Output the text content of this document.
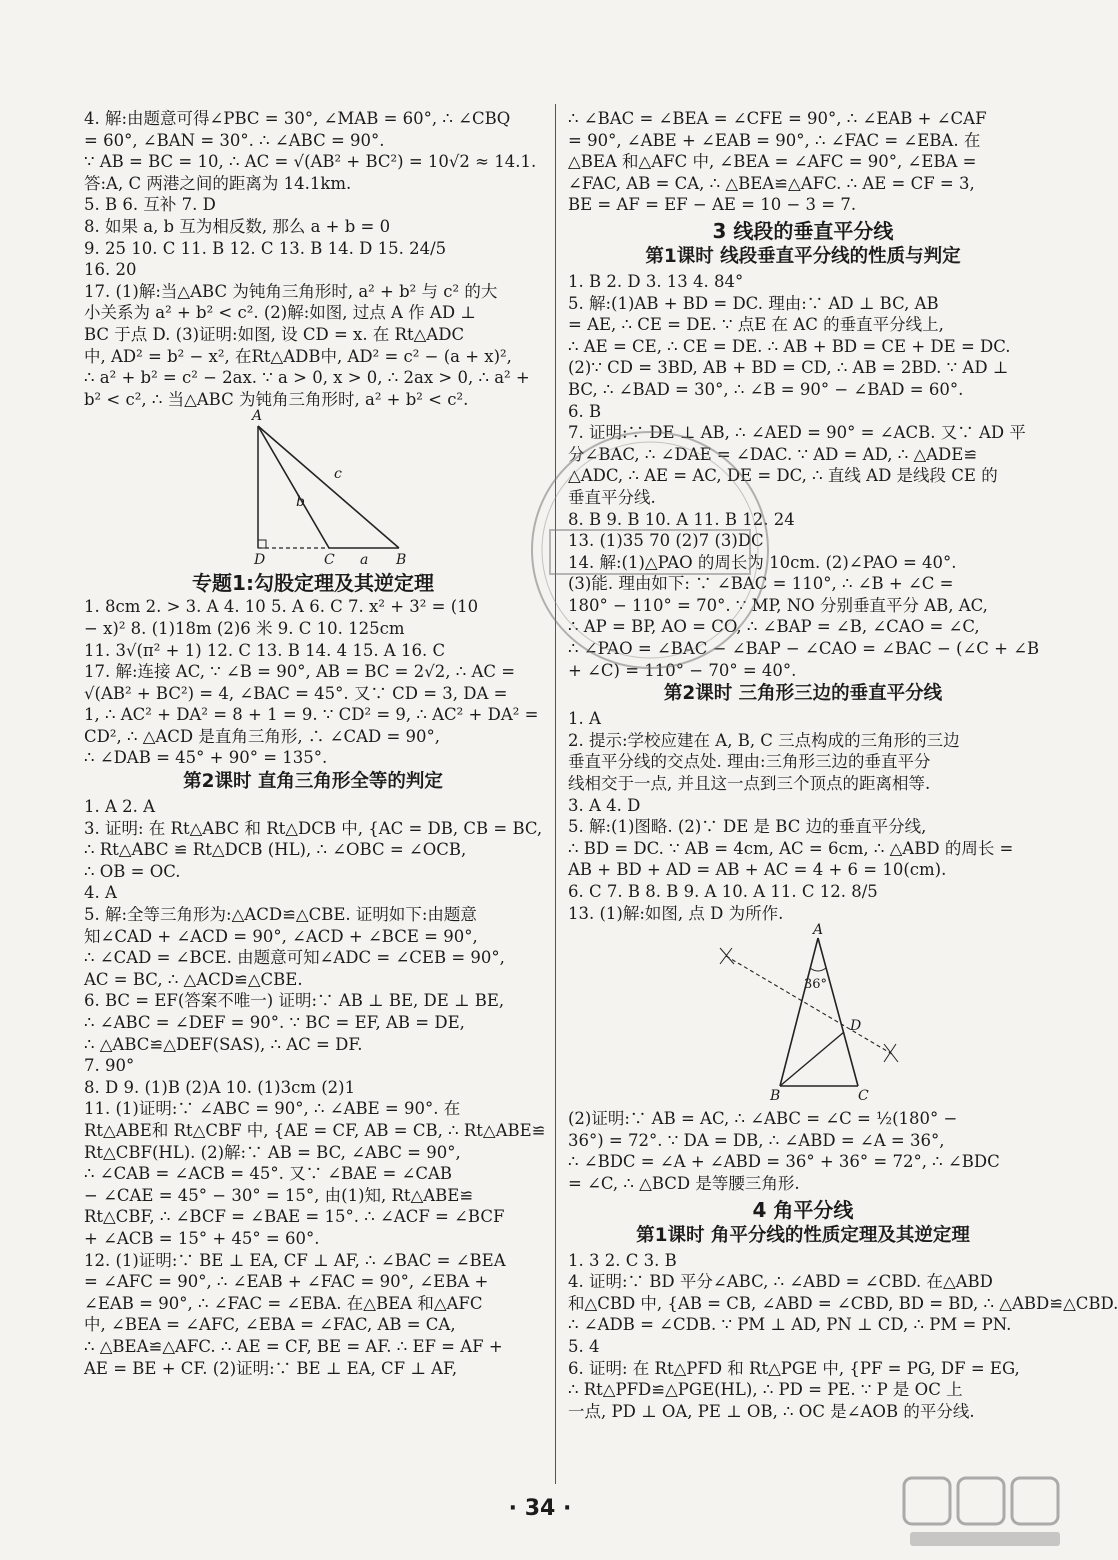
4. 解:由题意可得∠PBC = 30°, ∠MAB = 60°, ∴ ∠CBQ
= 60°, ∠BAN = 30°. ∴ ∠ABC = 90°.
∵ AB = BC = 10, ∴ AC = √(AB² + BC²) = 10√2 ≈ 14.1.
答:A, C 两港之间的距离为 14.1km.
5. B 6. 互补 7. D
8. 如果 a, b 互为相反数, 那么 a + b = 0
9. 25 10. C 11. B 12. C 13. B 14. D 15. 24/5
16. 20
17. (1)解:当△ABC 为钝角三角形时, a² + b² 与 c² 的大
小关系为 a² + b² < c². (2)解:如图, 过点 A 作 AD ⊥
BC 于点 D. (3)证明:如图, 设 CD = x. 在 Rt△ADC
中, AD² = b² − x², 在Rt△ADB中, AD² = c² − (a + x)²,
∴ a² + b² = c² − 2ax. ∵ a > 0, x > 0, ∴ 2ax > 0, ∴ a² +
b² < c², ∴ 当△ABC 为钝角三角形时, a² + b² < c².
A
c
b
D	C a B
专题1:勾股定理及其逆定理
1. 8cm 2. > 3. A 4. 10 5. A 6. C 7. x² + 3² = (10
− x)² 8. (1)18m (2)6 米 9. C 10. 125cm
11. 3√(π² + 1) 12. C 13. B 14. 4 15. A 16. C
17. 解:连接 AC, ∵ ∠B = 90°, AB = BC = 2√2, ∴ AC =
√(AB² + BC²) = 4, ∠BAC = 45°. 又∵ CD = 3, DA =
1, ∴ AC² + DA² = 8 + 1 = 9. ∵ CD² = 9, ∴ AC² + DA² =
CD², ∴ △ACD 是直角三角形, ∴ ∠CAD = 90°,
∴ ∠DAB = 45° + 90° = 135°.
第2课时 直角三角形全等的判定
1. A 2. A
3. 证明: 在 Rt△ABC 和 Rt△DCB 中, {AC = DB, CB = BC,
∴ Rt△ABC ≌ Rt△DCB (HL), ∴ ∠OBC = ∠OCB,
∴ OB = OC.
4. A
5. 解:全等三角形为:△ACD≌△CBE. 证明如下:由题意
知∠CAD + ∠ACD = 90°, ∠ACD + ∠BCE = 90°,
∴ ∠CAD = ∠BCE. 由题意可知∠ADC = ∠CEB = 90°,
AC = BC, ∴ △ACD≌△CBE.
6. BC = EF(答案不唯一) 证明:∵ AB ⊥ BE, DE ⊥ BE,
∴ ∠ABC = ∠DEF = 90°. ∵ BC = EF, AB = DE,
∴ △ABC≌△DEF(SAS), ∴ AC = DF.
7. 90°
8. D 9. (1)B (2)A 10. (1)3cm (2)1
11. (1)证明:∵ ∠ABC = 90°, ∴ ∠ABE = 90°. 在
Rt△ABE和 Rt△CBF 中, {AE = CF, AB = CB, ∴ Rt△ABE≌
Rt△CBF(HL). (2)解:∵ AB = BC, ∠ABC = 90°,
∴ ∠CAB = ∠ACB = 45°. 又∵ ∠BAE = ∠CAB
− ∠CAE = 45° − 30° = 15°, 由(1)知, Rt△ABE≌
Rt△CBF, ∴ ∠BCF = ∠BAE = 15°. ∴ ∠ACF = ∠BCF
+ ∠ACB = 15° + 45° = 60°.
12. (1)证明:∵ BE ⊥ EA, CF ⊥ AF, ∴ ∠BAC = ∠BEA
= ∠AFC = 90°, ∴ ∠EAB + ∠FAC = 90°, ∠EBA +
∠EAB = 90°, ∴ ∠FAC = ∠EBA. 在△BEA 和△AFC
中, ∠BEA = ∠AFC, ∠EBA = ∠FAC, AB = CA,
∴ △BEA≌△AFC. ∴ AE = CF, BE = AF. ∴ EF = AF +
AE = BE + CF. (2)证明:∵ BE ⊥ EA, CF ⊥ AF,
∴ ∠BAC = ∠BEA = ∠CFE = 90°, ∴ ∠EAB + ∠CAF
= 90°, ∠ABE + ∠EAB = 90°, ∴ ∠FAC = ∠EBA. 在
△BEA 和△AFC 中, ∠BEA = ∠AFC = 90°, ∠EBA =
∠FAC, AB = CA, ∴ △BEA≌△AFC. ∴ AE = CF = 3,
BE = AF = EF − AE = 10 − 3 = 7.
3 线段的垂直平分线
第1课时 线段垂直平分线的性质与判定
1. B 2. D 3. 13 4. 84°
5. 解:(1)AB + BD = DC. 理由:∵ AD ⊥ BC, AB
= AE, ∴ CE = DE. ∵ 点E 在 AC 的垂直平分线上,
∴ AE = CE, ∴ CE = DE. ∴ AB + BD = CE + DE = DC.
(2)∵ CD = 3BD, AB + BD = CD, ∴ AB = 2BD. ∵ AD ⊥
BC, ∴ ∠BAD = 30°, ∴ ∠B = 90° − ∠BAD = 60°.
6. B
7. 证明:∵ DE ⊥ AB, ∴ ∠AED = 90° = ∠ACB. 又∵ AD 平
分∠BAC, ∴ ∠DAE = ∠DAC. ∵ AD = AD, ∴ △ADE≌
△ADC, ∴ AE = AC, DE = DC, ∴ 直线 AD 是线段 CE 的
垂直平分线.
8. B 9. B 10. A 11. B 12. 24
13. (1)35 70 (2)7 (3)DC
14. 解:(1)△PAO 的周长为 10cm. (2)∠PAO = 40°.
(3)能. 理由如下: ∵ ∠BAC = 110°, ∴ ∠B + ∠C =
180° − 110° = 70°. ∵ MP, NO 分别垂直平分 AB, AC,
∴ AP = BP, AO = CO, ∴ ∠BAP = ∠B, ∠CAO = ∠C,
∴ ∠PAO = ∠BAC − ∠BAP − ∠CAO = ∠BAC − (∠C + ∠B
+ ∠C) = 110° − 70° = 40°.
第2课时 三角形三边的垂直平分线
1. A
2. 提示:学校应建在 A, B, C 三点构成的三角形的三边
垂直平分线的交点处. 理由:三角形三边的垂直平分
线相交于一点, 并且这一点到三个顶点的距离相等.
3. A 4. D
5. 解:(1)图略. (2)∵ DE 是 BC 边的垂直平分线,
∴ BD = DC. ∵ AB = 4cm, AC = 6cm, ∴ △ABD 的周长 =
AB + BD + AD = AB + AC = 4 + 6 = 10(cm).
6. C 7. B 8. B 9. A 10. A 11. C 12. 8/5
13. (1)解:如图, 点 D 为所作.
A
36°
D
B	C
(2)证明:∵ AB = AC, ∴ ∠ABC = ∠C = ½(180° −
36°) = 72°. ∵ DA = DB, ∴ ∠ABD = ∠A = 36°,
∴ ∠BDC = ∠A + ∠ABD = 36° + 36° = 72°, ∴ ∠BDC
= ∠C, ∴ △BCD 是等腰三角形.
4 角平分线
第1课时 角平分线的性质定理及其逆定理
1. 3 2. C 3. B
4. 证明:∵ BD 平分∠ABC, ∴ ∠ABD = ∠CBD. 在△ABD
和△CBD 中, {AB = CB, ∠ABD = ∠CBD, BD = BD, ∴ △ABD≌△CBD.
∴ ∠ADB = ∠CDB. ∵ PM ⊥ AD, PN ⊥ CD, ∴ PM = PN.
5. 4
6. 证明: 在 Rt△PFD 和 Rt△PGE 中, {PF = PG, DF = EG,
∴ Rt△PFD≌△PGE(HL), ∴ PD = PE. ∵ P 是 OC 上
一点, PD ⊥ OA, PE ⊥ OB, ∴ OC 是∠AOB 的平分线.
· 34 ·
